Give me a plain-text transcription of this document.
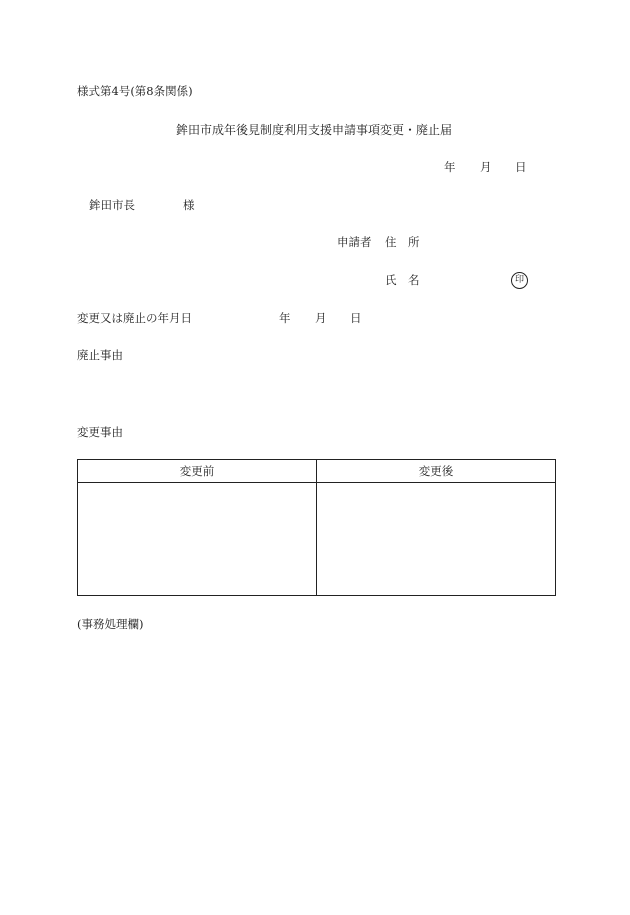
様式第4号(第8条関係)
鉾田市成年後見制度利用支援申請事項変更・廃止届
年 月 日
鉾田市長	様
申請者 住　所
氏　名	印
変更又は廃止の年月日	年 月 日
廃止事由
変更事由
変更前	変更後

(事務処理欄)
